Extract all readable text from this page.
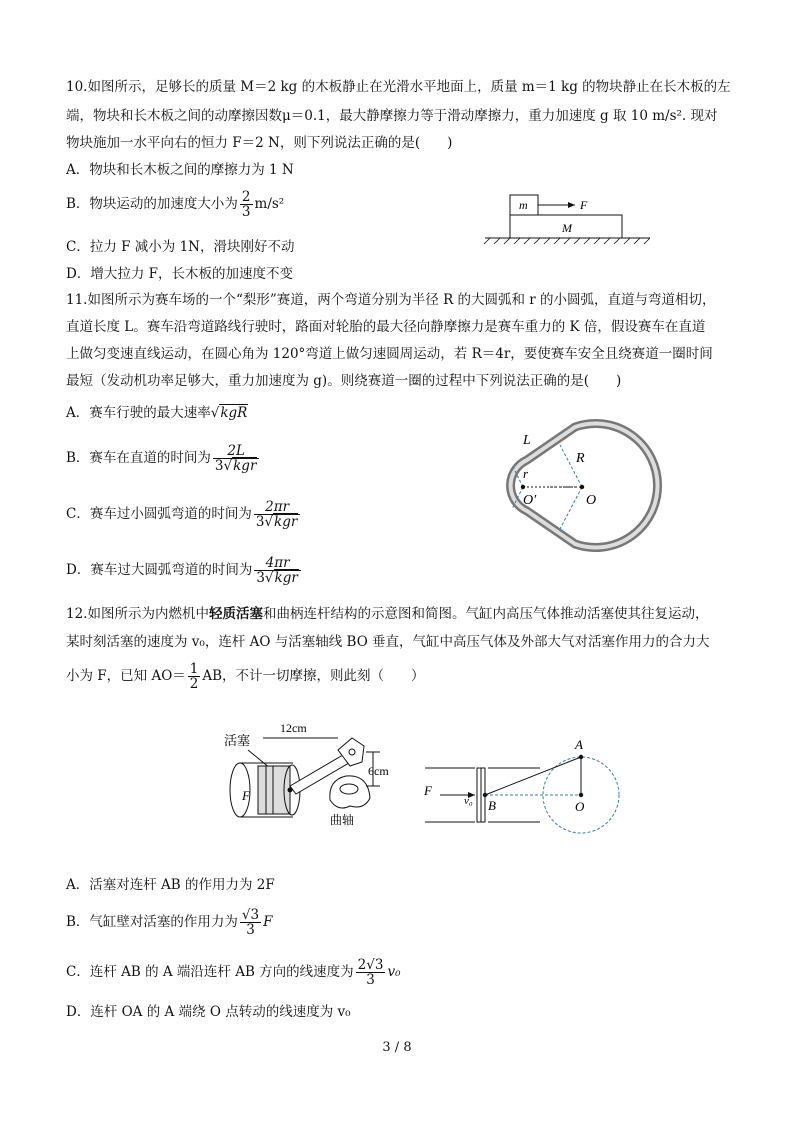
10.如图所示，足够长的质量 M＝2 kg 的木板静止在光滑水平地面上，质量 m＝1 kg 的物块静止在长木板的左
端，物块和长木板之间的动摩擦因数μ＝0.1，最大静摩擦力等于滑动摩擦力，重力加速度 g 取 10 m/s². 现对
物块施加一水平向右的恒力 F＝2 N，则下列说法正确的是(　　)
A．物块和长木板之间的摩擦力为 1 N
B．物块运动的加速度大小为 $\frac{2}{3} m/s^2$
C．拉力 F 减小为 1N，滑块刚好不动
D．增大拉力 F，长木板的加速度不变
m	F
M
11.如图所示为赛车场的一个“梨形”赛道，两个弯道分别为半径 R 的大圆弧和 r 的小圆弧，直道与弯道相切，
直道长度 L。赛车沿弯道路线行驶时，路面对轮胎的最大径向静摩擦力是赛车重力的 K 倍，假设赛车在直道
上做匀变速直线运动，在圆心角为 120°弯道上做匀速圆周运动，若 R＝4r，要使赛车安全且绕赛道一圈时间
最短（发动机功率足够大，重力加速度为 g)。则绕赛道一圈的过程中下列说法正确的是(　　)
A．赛车行驶的最大速率√kgR
B．赛车在直道的时间为 $\frac{2L}{\text{3√kgr}}$
C．赛车过小圆弧弯道的时间为 $\frac{2\pi r}{\text{3√kgr}}$
D．赛车过大圆弧弯道的时间为 $\frac{4\pi r}{\text{3√kgr}}$
L
R
r
O′	O
12.如图所示为内燃机中轻质活塞和曲柄连杆结构的示意图和简图。气缸内高压气体推动活塞使其往复运动，
某时刻活塞的速度为 v₀，连杆 AO 与活塞轴线 BO 垂直，气缸中高压气体及外部大气对活塞作用力的合力大
小为 F，已知 $AO= \frac{1}{2}$ AB，不计一切摩擦，则此刻（　　）
12cm
活塞
F
6cm
曲轴
F
v₀
A
B	O
A．活塞对连杆 AB 的作用力为 2F
B．气缸壁对活塞的作用力为 $\frac{√3}{3}$ F
C．连杆 AB 的 A 端沿连杆 AB 方向的线速度为 $\frac{2√3}{3} v_0$
D．连杆 OA 的 A 端绕 O 点转动的线速度为 v₀
3 / 8
